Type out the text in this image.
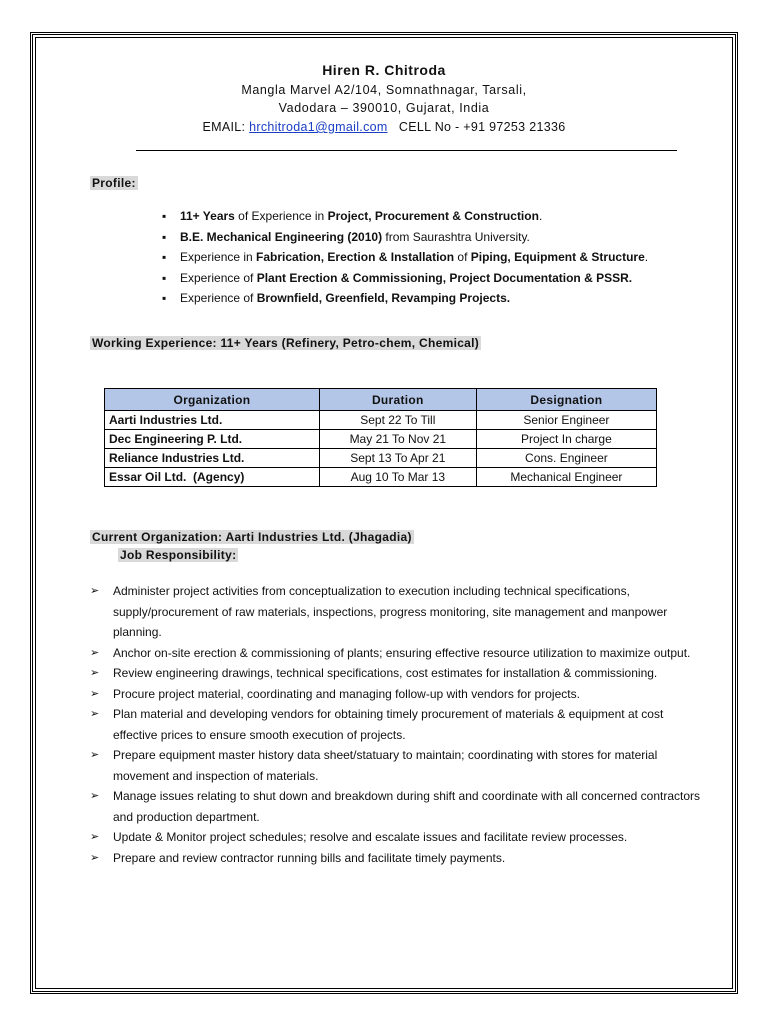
Hiren R. Chitroda
Mangla Marvel A2/104, Somnathnagar, Tarsali,
Vadodara – 390010, Gujarat, India
EMAIL: hrchitroda1@gmail.com   CELL No - +91 97253 21336
Profile:
▪ 11+ Years of Experience in Project, Procurement & Construction.
▪ B.E. Mechanical Engineering (2010) from Saurashtra University.
▪ Experience in Fabrication, Erection & Installation of Piping, Equipment & Structure.
▪ Experience of Plant Erection & Commissioning, Project Documentation & PSSR.
▪ Experience of Brownfield, Greenfield, Revamping Projects.
Working Experience: 11+ Years (Refinery, Petro-chem, Chemical)
Organization	Duration	Designation
Aarti Industries Ltd.	Sept 22 To Till	Senior Engineer
Dec Engineering P. Ltd.	May 21 To Nov 21	Project In charge
Reliance Industries Ltd.	Sept 13 To Apr 21	Cons. Engineer
Essar Oil Ltd.  (Agency)	Aug 10 To Mar 13	Mechanical Engineer
Current Organization: Aarti Industries Ltd. (Jhagadia)
Job Responsibility:
➢ Administer project activities from conceptualization to execution including technical specifications, supply/procurement of raw materials, inspections, progress monitoring, site management and manpower planning.
➢ Anchor on-site erection & commissioning of plants; ensuring effective resource utilization to maximize output.
➢ Review engineering drawings, technical specifications, cost estimates for installation & commissioning.
➢ Procure project material, coordinating and managing follow-up with vendors for projects.
➢ Plan material and developing vendors for obtaining timely procurement of materials & equipment at cost effective prices to ensure smooth execution of projects.
➢ Prepare equipment master history data sheet/statuary to maintain; coordinating with stores for material movement and inspection of materials.
➢ Manage issues relating to shut down and breakdown during shift and coordinate with all concerned contractors and production department.
➢ Update & Monitor project schedules; resolve and escalate issues and facilitate review processes.
➢ Prepare and review contractor running bills and facilitate timely payments.
